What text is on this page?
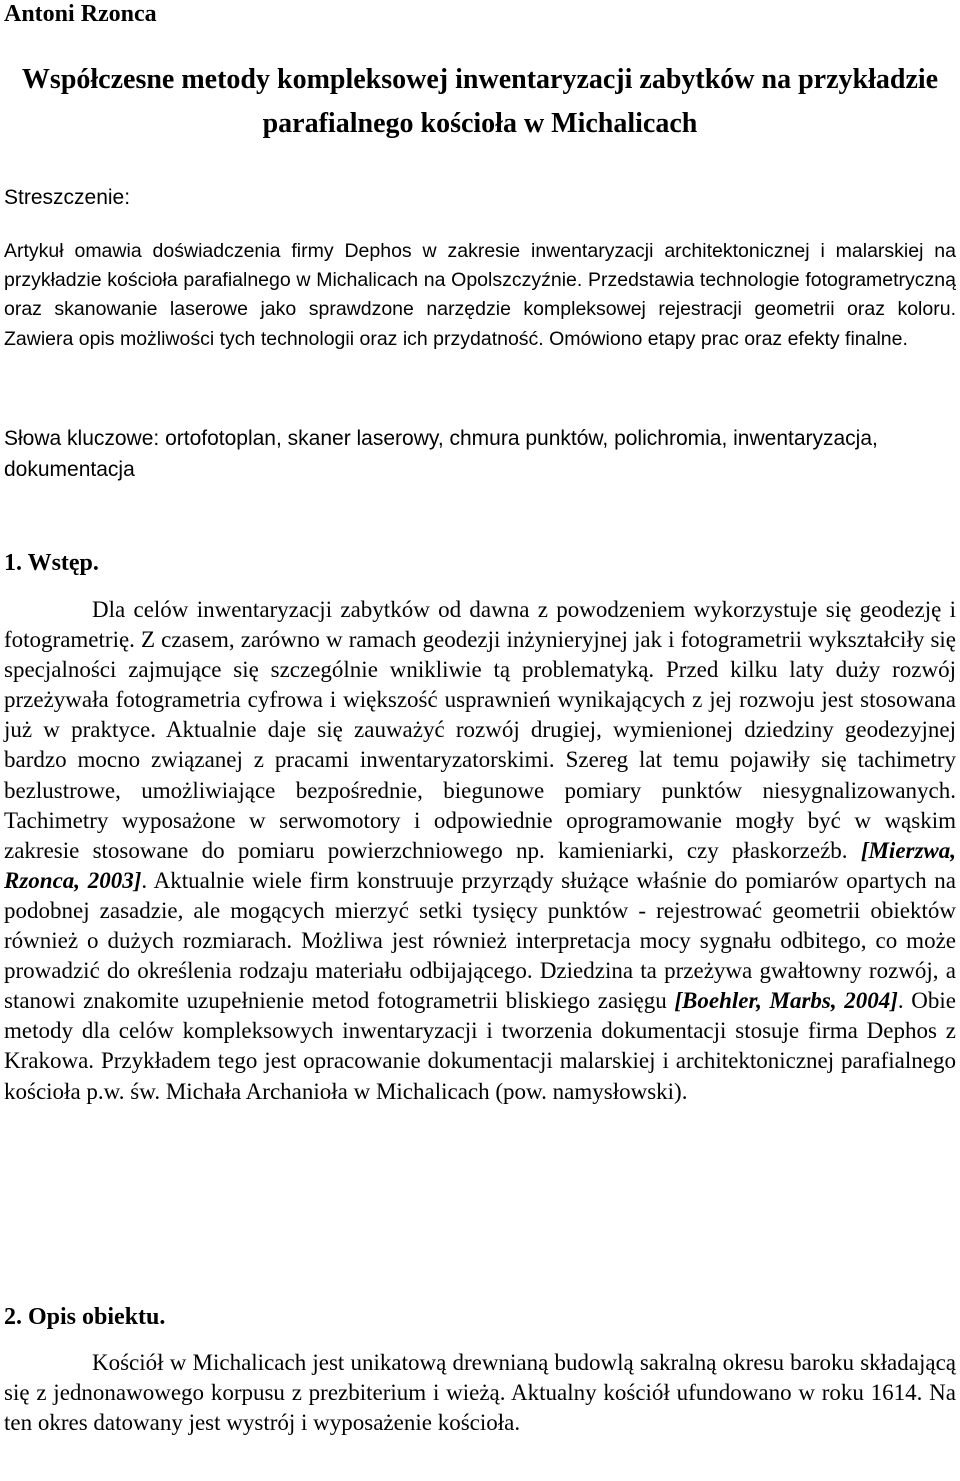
Antoni Rzonca
Współczesne metody kompleksowej inwentaryzacji zabytków na przykładzie parafialnego kościoła w Michalicach
Streszczenie:
Artykuł omawia doświadczenia firmy Dephos w zakresie inwentaryzacji architektonicznej i malarskiej na przykładzie kościoła parafialnego w Michalicach na Opolszczyźnie. Przedstawia technologie fotogrametryczną oraz skanowanie laserowe jako sprawdzone narzędzie kompleksowej rejestracji geometrii oraz koloru. Zawiera opis możliwości tych technologii oraz ich przydatność. Omówiono etapy prac oraz efekty finalne.
Słowa kluczowe: ortofotoplan, skaner laserowy, chmura punktów, polichromia, inwentaryzacja, dokumentacja
1. Wstęp.
Dla celów inwentaryzacji zabytków od dawna z powodzeniem wykorzystuje się geodezję i fotogrametrię. Z czasem, zarówno w ramach geodezji inżynieryjnej jak i fotogrametrii wykształciły się specjalności zajmujące się szczególnie wnikliwie tą problematyką. Przed kilku laty duży rozwój przeżywała fotogrametria cyfrowa i większość usprawnień wynikających z jej rozwoju jest stosowana już w praktyce. Aktualnie daje się zauważyć rozwój drugiej, wymienionej dziedziny geodezyjnej bardzo mocno związanej z pracami inwentaryzatorskimi. Szereg lat temu pojawiły się tachimetry bezlustrowe, umożliwiające bezpośrednie, biegunowe pomiary punktów niesygnalizowanych. Tachimetry wyposażone w serwomotory i odpowiednie oprogramowanie mogły być w wąskim zakresie stosowane do pomiaru powierzchniowego np. kamieniarki, czy płaskorzeźb. [Mierzwa, Rzonca, 2003]. Aktualnie wiele firm konstruuje przyrządy służące właśnie do pomiarów opartych na podobnej zasadzie, ale mogących mierzyć setki tysięcy punktów - rejestrować geometrii obiektów również o dużych rozmiarach. Możliwa jest również interpretacja mocy sygnału odbitego, co może prowadzić do określenia rodzaju materiału odbijającego. Dziedzina ta przeżywa gwałtowny rozwój, a stanowi znakomite uzupełnienie metod fotogrametrii bliskiego zasięgu [Boehler, Marbs, 2004]. Obie metody dla celów kompleksowych inwentaryzacji i tworzenia dokumentacji stosuje firma Dephos z Krakowa. Przykładem tego jest opracowanie dokumentacji malarskiej i architektonicznej parafialnego kościoła p.w. św. Michała Archanioła w Michalicach (pow. namysłowski).
2. Opis obiektu.
Kościół w Michalicach jest unikatową drewnianą budowlą sakralną okresu baroku składającą się z jednonawowego korpusu z prezbiterium i wieżą. Aktualny kościół ufundowano w roku 1614. Na ten okres datowany jest wystrój i wyposażenie kościoła.
